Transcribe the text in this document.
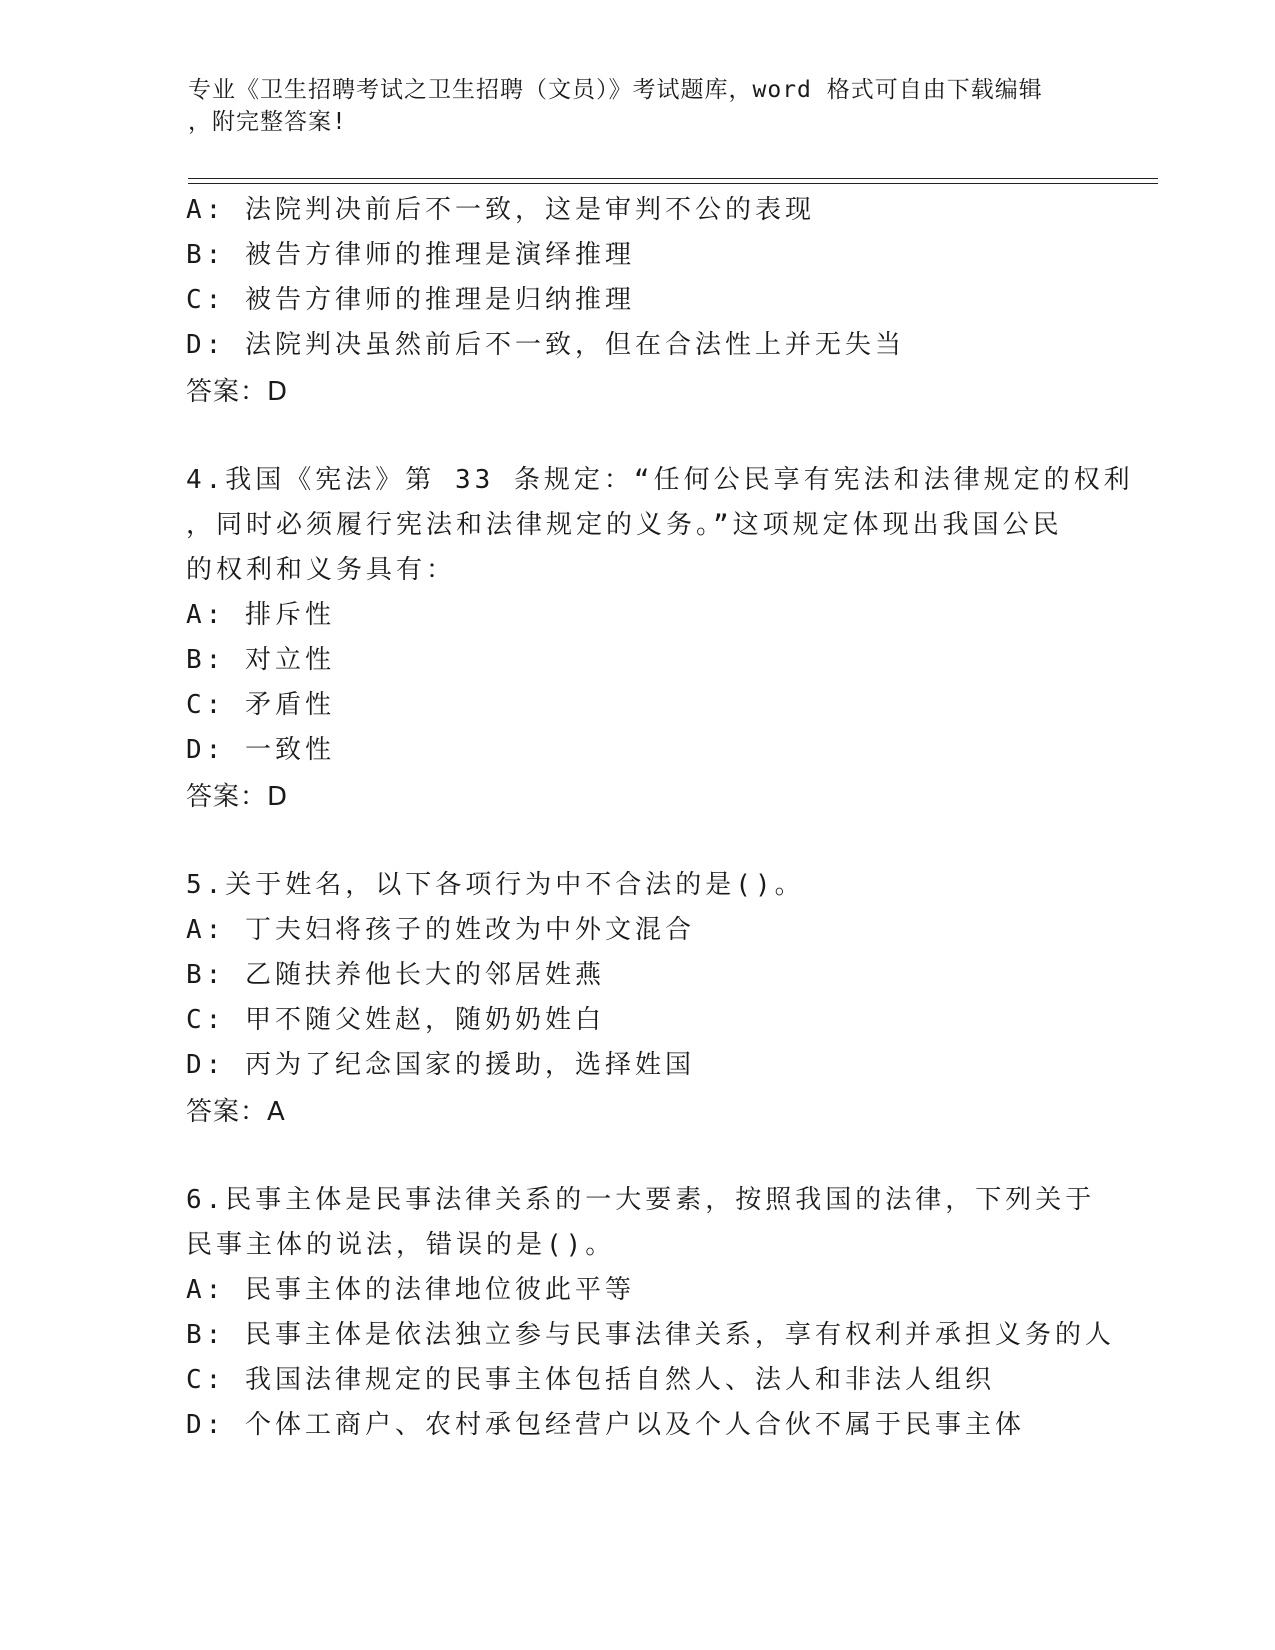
专业《卫生招聘考试之卫生招聘（文员）》考试题库，word 格式可自由下载编辑
，附完整答案!
A: 法院判决前后不一致，这是审判不公的表现
B: 被告方律师的推理是演绎推理
C: 被告方律师的推理是归纳推理
D: 法院判决虽然前后不一致，但在合法性上并无失当
答案：D
4.我国《宪法》第 33 条规定：“任何公民享有宪法和法律规定的权利
，同时必须履行宪法和法律规定的义务。”这项规定体现出我国公民
的权利和义务具有：
A: 排斥性
B: 对立性
C: 矛盾性
D: 一致性
答案：D
5.关于姓名，以下各项行为中不合法的是()。
A: 丁夫妇将孩子的姓改为中外文混合
B: 乙随扶养他长大的邻居姓燕
C: 甲不随父姓赵，随奶奶姓白
D: 丙为了纪念国家的援助，选择姓国
答案：A
6.民事主体是民事法律关系的一大要素，按照我国的法律，下列关于
民事主体的说法，错误的是()。
A: 民事主体的法律地位彼此平等
B: 民事主体是依法独立参与民事法律关系，享有权利并承担义务的人
C: 我国法律规定的民事主体包括自然人、法人和非法人组织
D: 个体工商户、农村承包经营户以及个人合伙不属于民事主体
